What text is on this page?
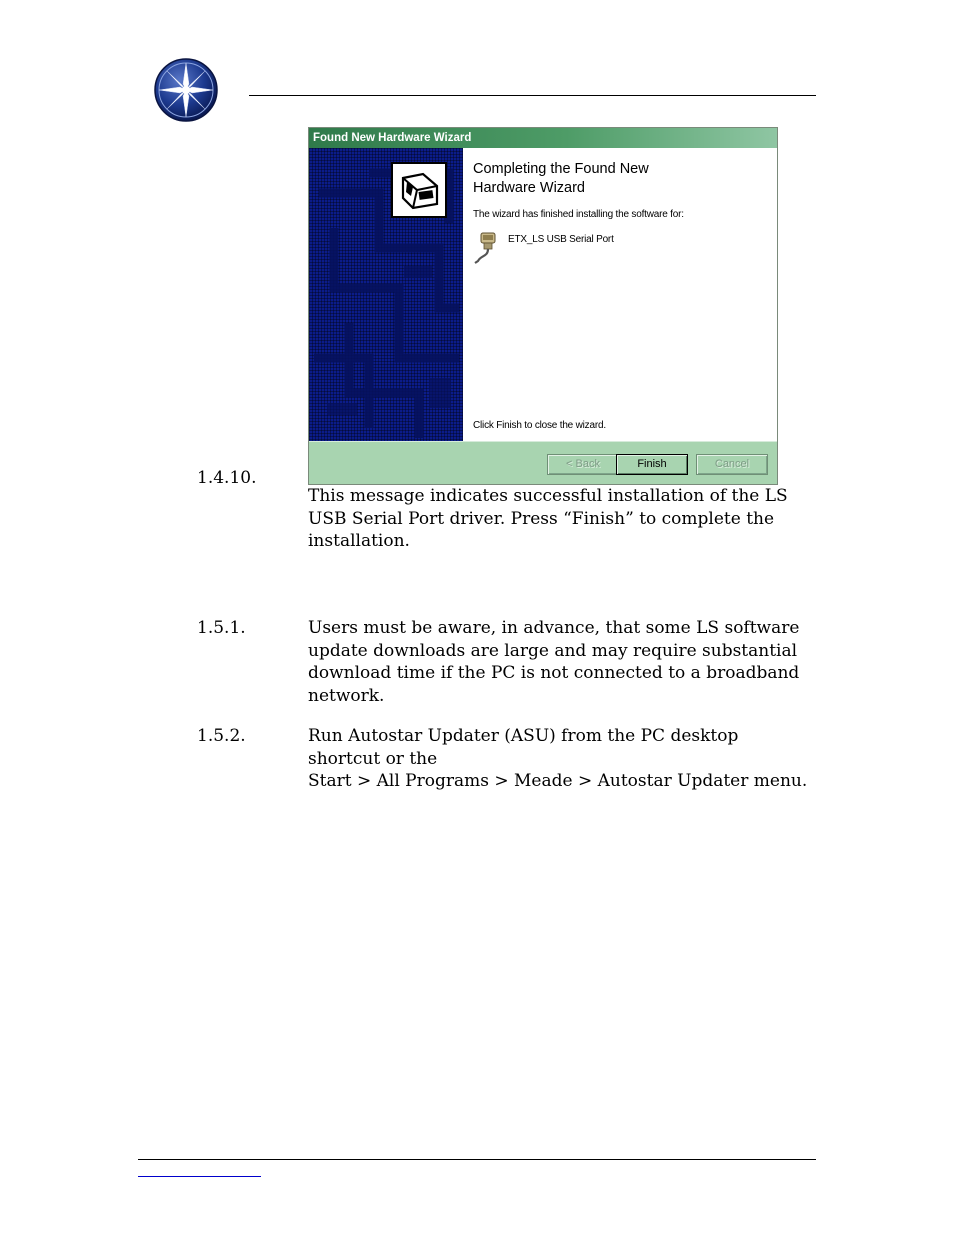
Found New Hardware Wizard
Completing the Found New
Hardware Wizard
The wizard has finished installing the software for:
ETX_LS USB Serial Port
Click Finish to close the wizard.
< Back	Finish	Cancel
1.4.10.
This message indicates successful installation of the LS
USB Serial Port driver. Press “Finish” to complete the
installation.
1.5.1.	Users must be aware, in advance, that some LS software
update downloads are large and may require substantial
download time if the PC is not connected to a broadband
network.
1.5.2.	Run Autostar Updater (ASU) from the PC desktop
shortcut or the
Start > All Programs > Meade > Autostar Updater menu.
